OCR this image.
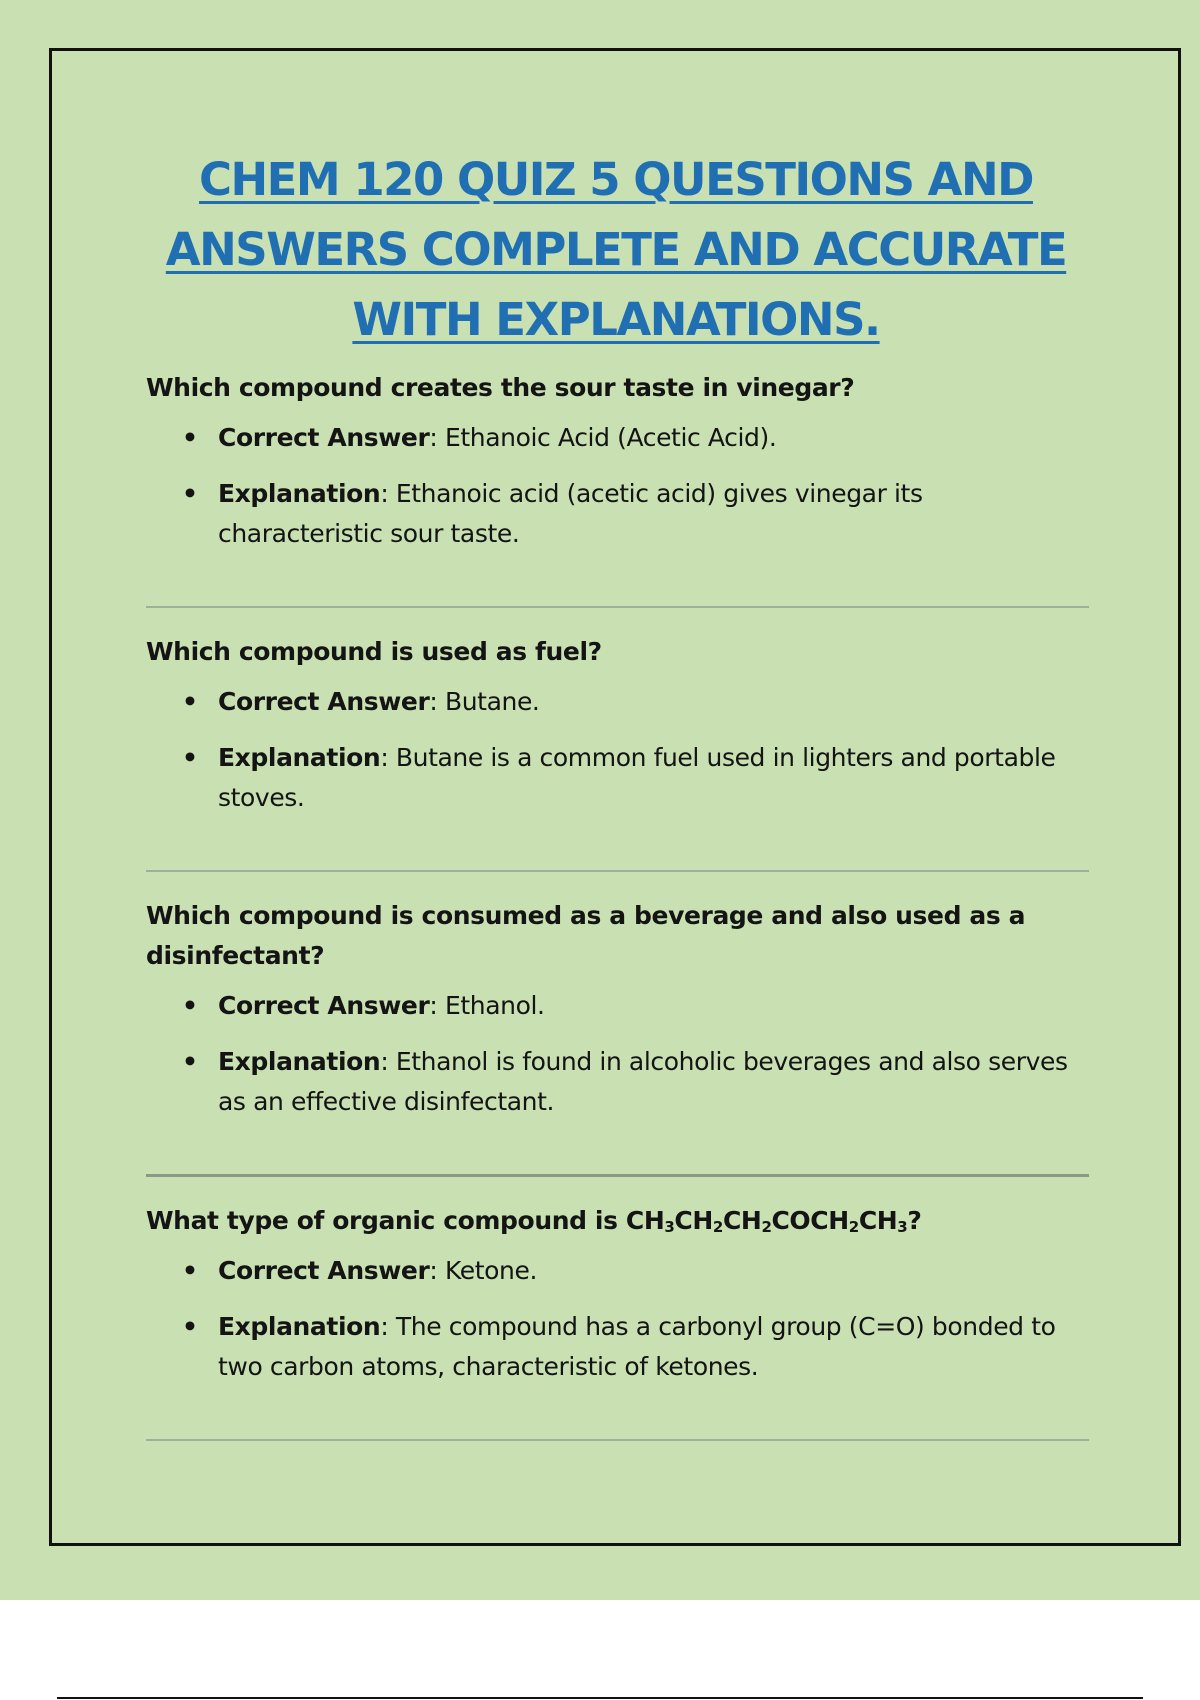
CHEM 120 QUIZ 5 QUESTIONS AND ANSWERS COMPLETE AND ACCURATE WITH EXPLANATIONS.

Which compound creates the sour taste in vinegar?

• Correct Answer: Ethanoic Acid (Acetic Acid).
• Explanation: Ethanoic acid (acetic acid) gives vinegar its characteristic sour taste.

Which compound is used as fuel?

• Correct Answer: Butane.
• Explanation: Butane is a common fuel used in lighters and portable stoves.

Which compound is consumed as a beverage and also used as a disinfectant?

• Correct Answer: Ethanol.
• Explanation: Ethanol is found in alcoholic beverages and also serves as an effective disinfectant.

What type of organic compound is $CH_3CH_2CH_2COCH_2CH_3$?

• Correct Answer: Ketone.
• Explanation: The compound has a carbonyl group (C=O) bonded to two carbon atoms, characteristic of ketones.
